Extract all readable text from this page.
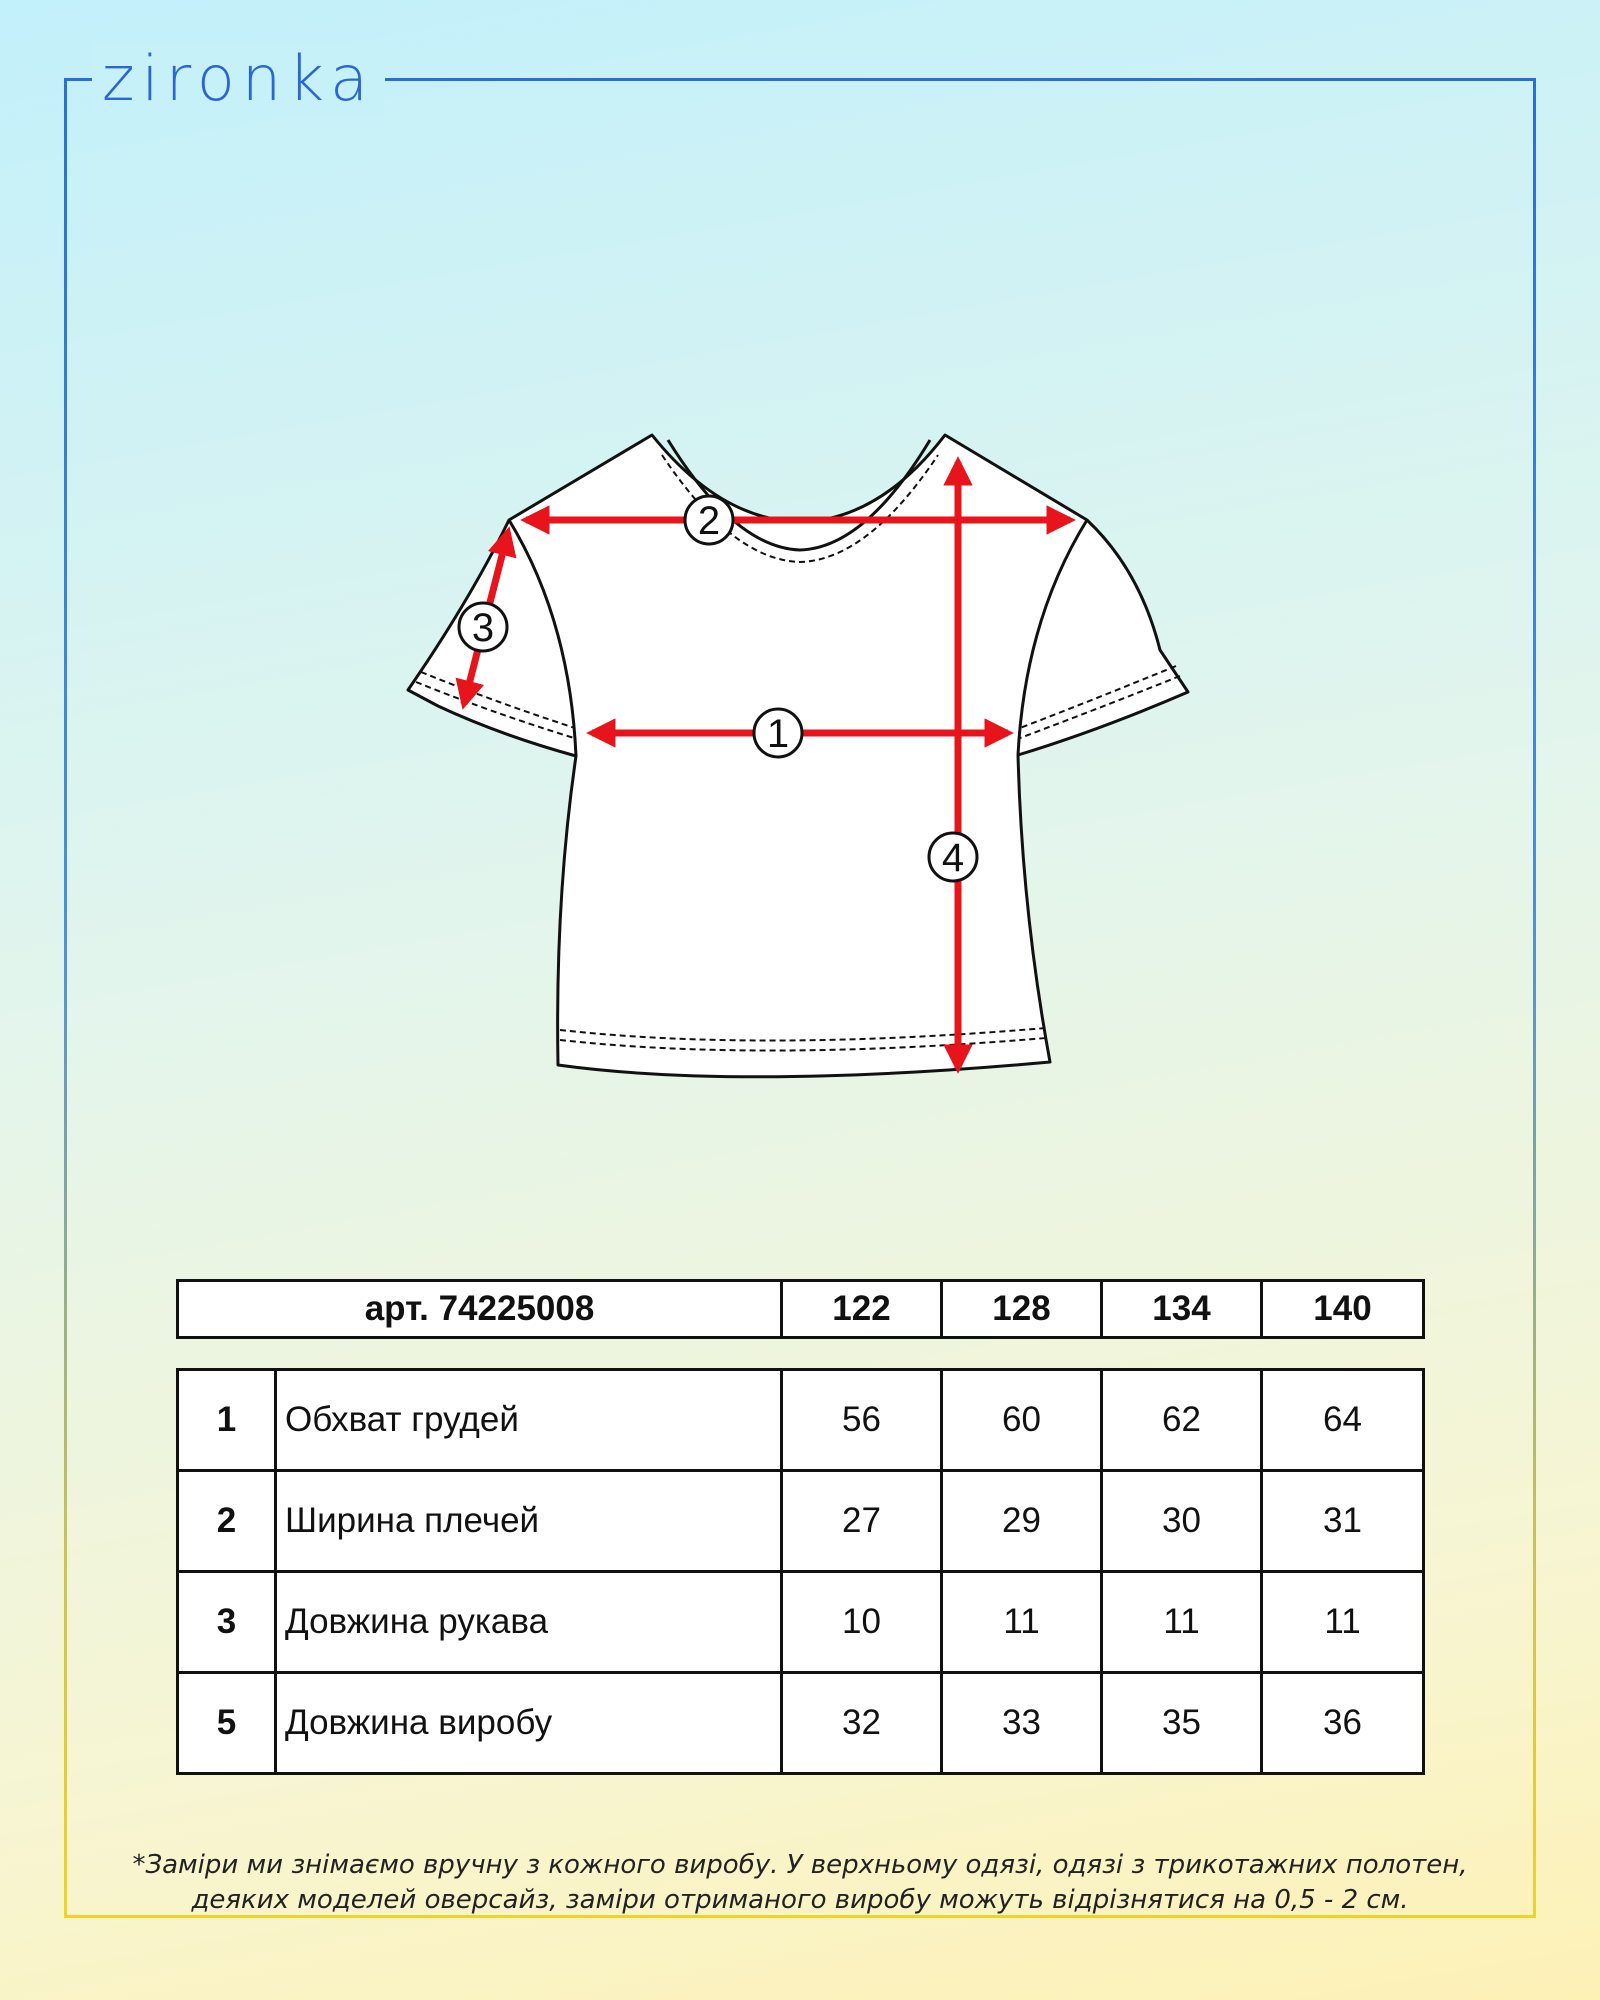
zironka
1
2
3
4
арт. 74225008	122	128	134	140
1	Обхват грудей	56	60	62	64
2	Ширина плечей	27	29	30	31
3	Довжина рукава	10	11	11	11
5	Довжина виробу	32	33	35	36
*Заміри ми знімаємо вручну з кожного виробу. У верхньому одязі, одязі з трикотажних полотен,
деяких моделей оверсайз, заміри отриманого виробу можуть відрізнятися на 0,5 - 2 см.
